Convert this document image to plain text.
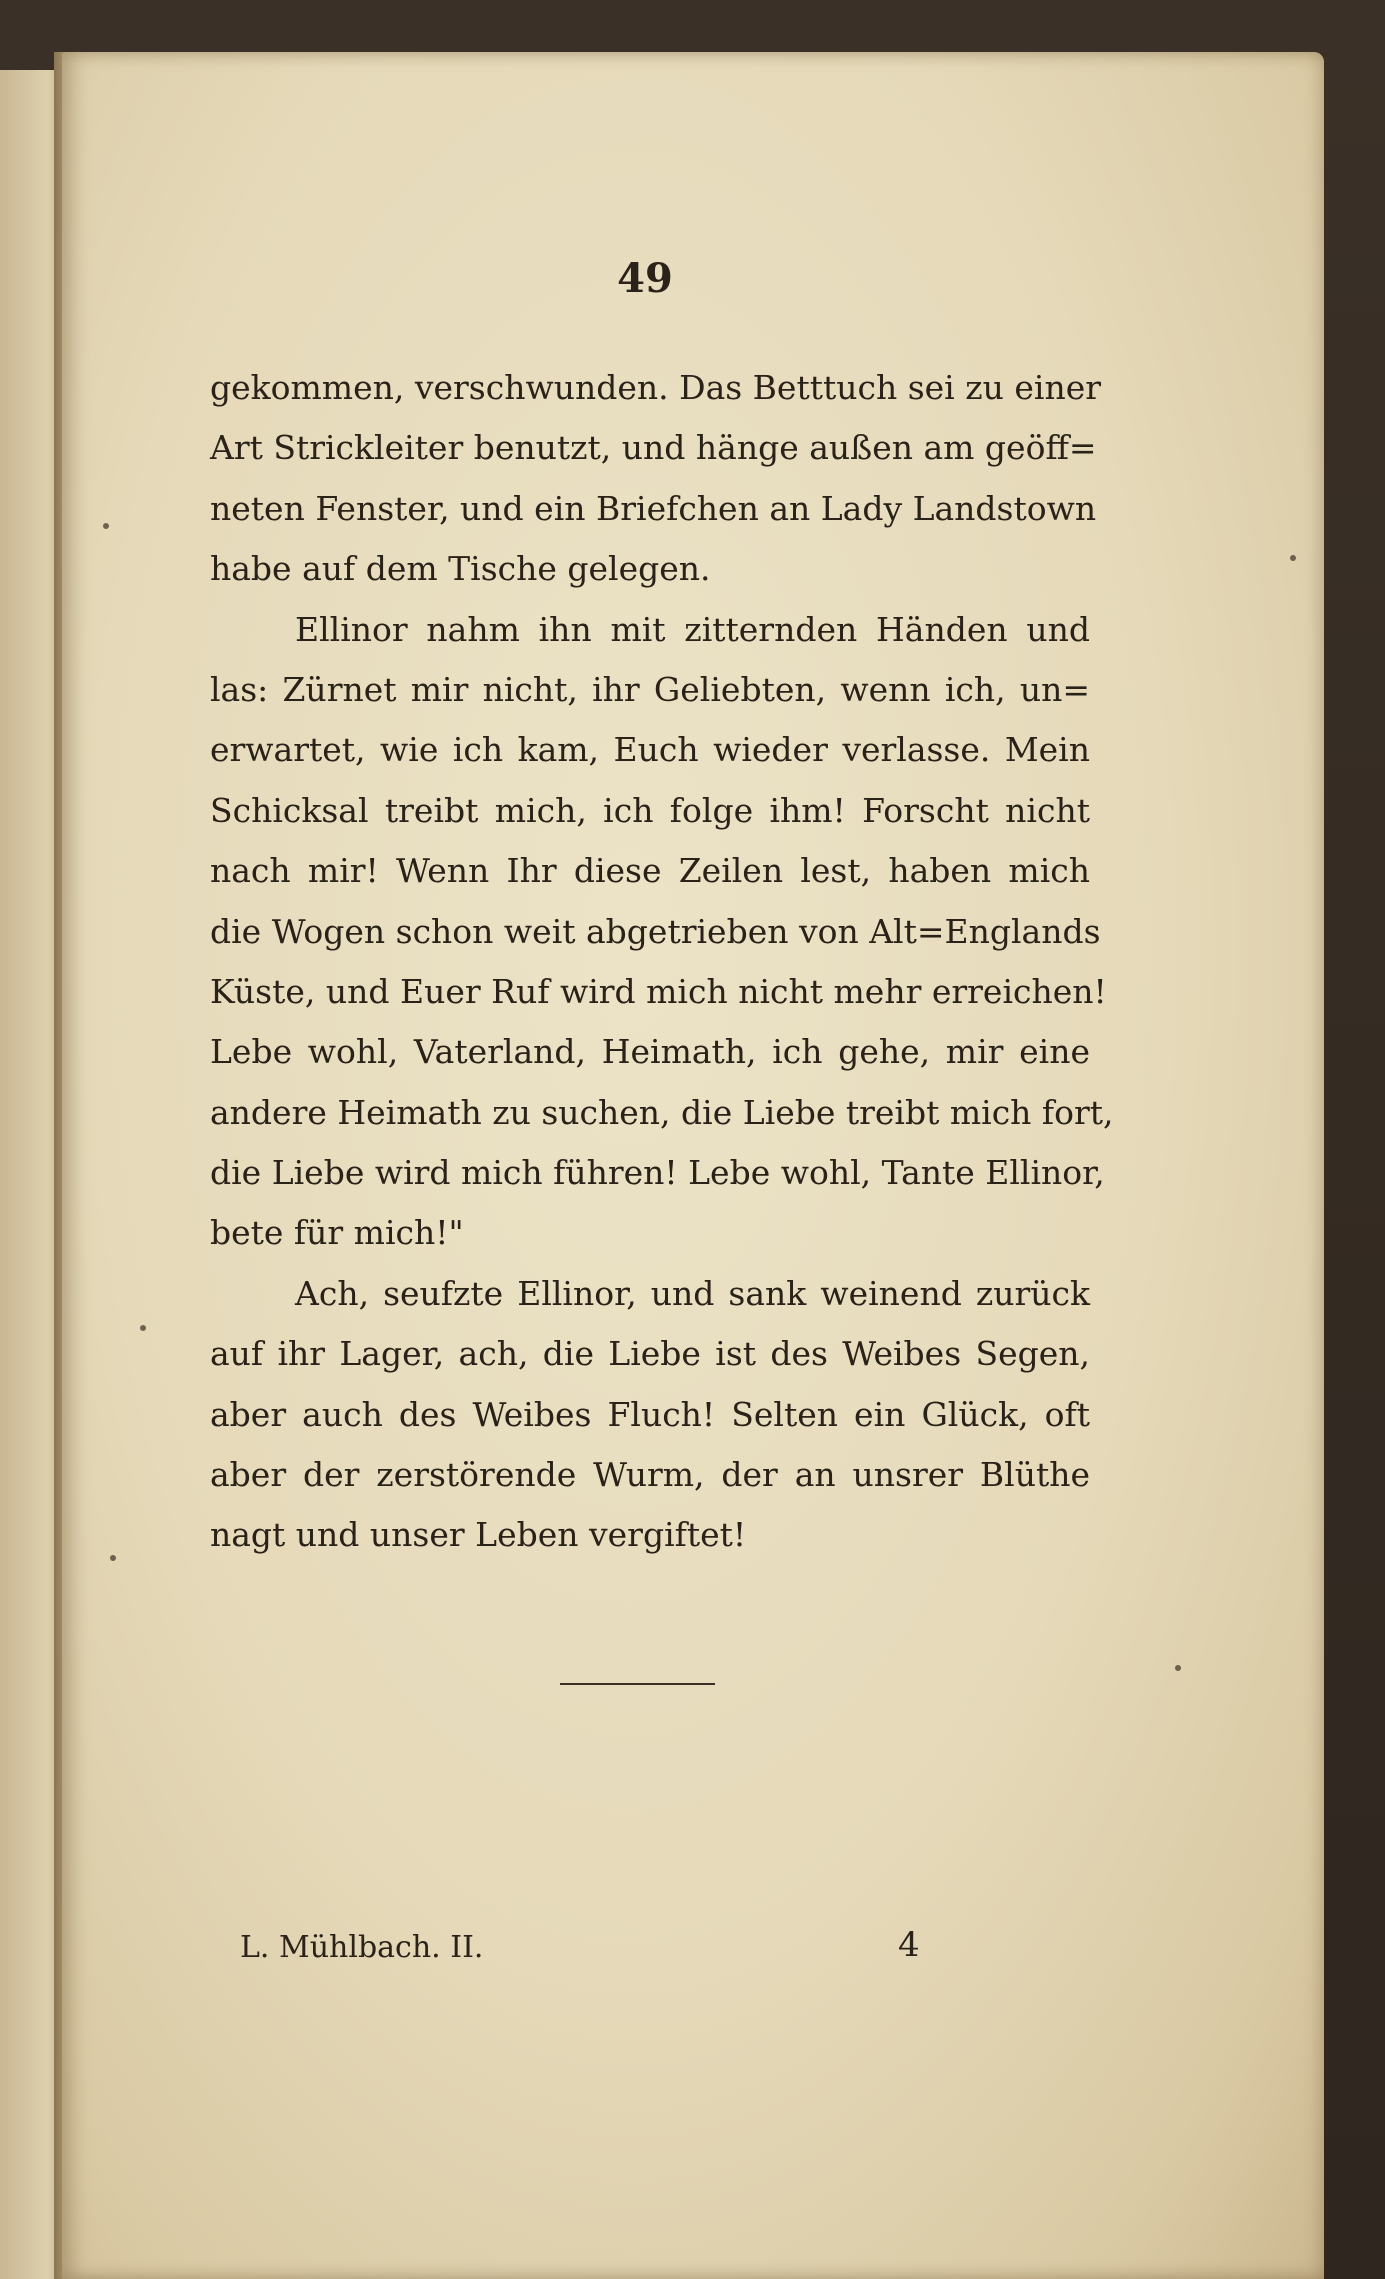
49
gekommen, verschwunden. Das Betttuch sei zu einer
Art Strickleiter benutzt, und hänge außen am geöff=
neten Fenster, und ein Briefchen an Lady Landstown
habe auf dem Tische gelegen.
Ellinor nahm ihn mit zitternden Händen und
las: Zürnet mir nicht, ihr Geliebten, wenn ich, un=
erwartet, wie ich kam, Euch wieder verlasse. Mein
Schicksal treibt mich, ich folge ihm! Forscht nicht
nach mir! Wenn Ihr diese Zeilen lest, haben mich
die Wogen schon weit abgetrieben von Alt=Englands
Küste, und Euer Ruf wird mich nicht mehr erreichen!
Lebe wohl, Vaterland, Heimath, ich gehe, mir eine
andere Heimath zu suchen, die Liebe treibt mich fort,
die Liebe wird mich führen! Lebe wohl, Tante Ellinor,
bete für mich!"
Ach, seufzte Ellinor, und sank weinend zurück
auf ihr Lager, ach, die Liebe ist des Weibes Segen,
aber auch des Weibes Fluch! Selten ein Glück, oft
aber der zerstörende Wurm, der an unsrer Blüthe
nagt und unser Leben vergiftet!
L. Mühlbach. II.	4
